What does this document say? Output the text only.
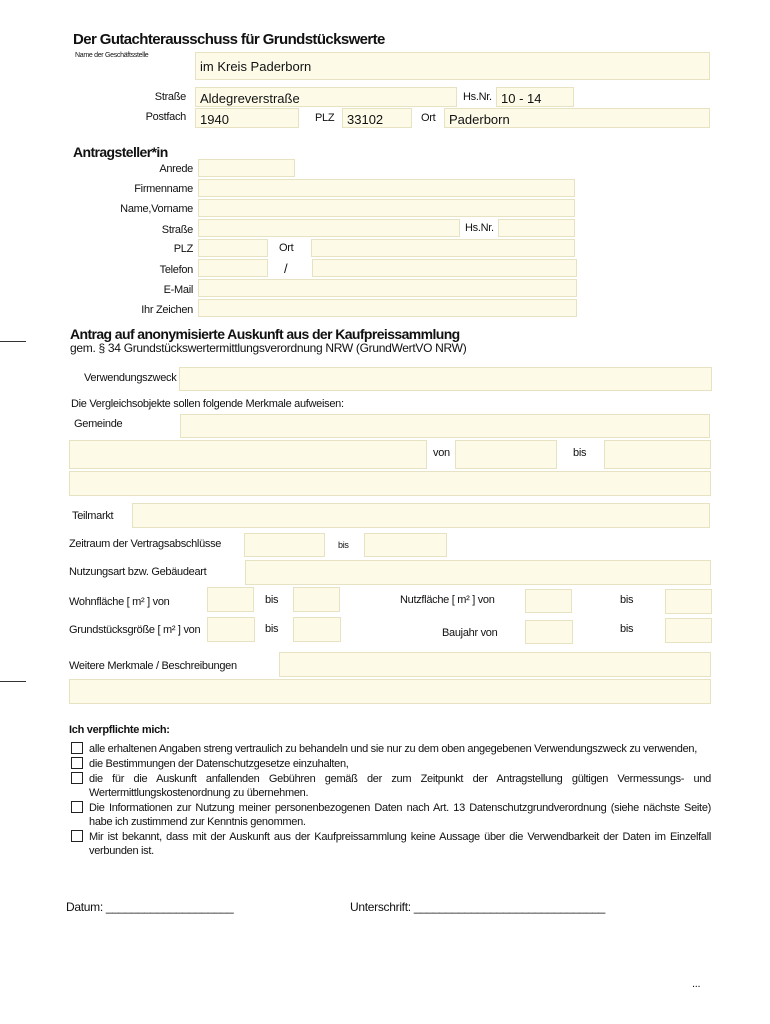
Der Gutachterausschuss für Grundstückswerte
Name der Geschäftsstelle
im Kreis Paderborn
Straße	Aldegreverstraße	Hs.Nr. 10 - 14
Postfach	1940	PLZ 33102	Ort	Paderborn
Antragsteller*in
Anrede
Firmenname
Name,Vorname
Straße	Hs.Nr.
PLZ	Ort
Telefon	/
E-Mail
Ihr Zeichen
Antrag auf anonymisierte Auskunft aus der Kaufpreissammlung
gem. § 34 Grundstückswertermittlungsverordnung NRW (GrundWertVO NRW)
Verwendungszweck
Die Vergleichsobjekte sollen folgende Merkmale aufweisen:
Gemeinde
von	bis
Teilmarkt
Zeitraum der Vertragsabschlüsse	bis
Nutzungsart bzw. Gebäudeart
Wohnfläche [ m² ] von	bis	Nutzfläche [ m² ] von	bis
Grundstücksgröße [ m² ] von	bis	Baujahr von	bis
Weitere Merkmale / Beschreibungen
Ich verpflichte mich:
alle erhaltenen Angaben streng vertraulich zu behandeln und sie nur zu dem oben angegebenen Verwendungszweck zu verwenden,
die Bestimmungen der Datenschutzgesetze einzuhalten,
die für die Auskunft anfallenden Gebühren gemäß der zum Zeitpunkt der Antragstellung gültigen Vermessungs- und Wertermittlungskostenordnung zu übernehmen.
Die Informationen zur Nutzung meiner personenbezogenen Daten nach Art. 13 Datenschutzgrundverordnung (siehe nächste Seite) habe ich zustimmend zur Kenntnis genommen.
Mir ist bekannt, dass mit der Auskunft aus der Kaufpreissammlung keine Aussage über die Verwendbarkeit der Daten im Einzelfall verbunden ist.
Datum: ____________________	Unterschrift: ______________________________
...
